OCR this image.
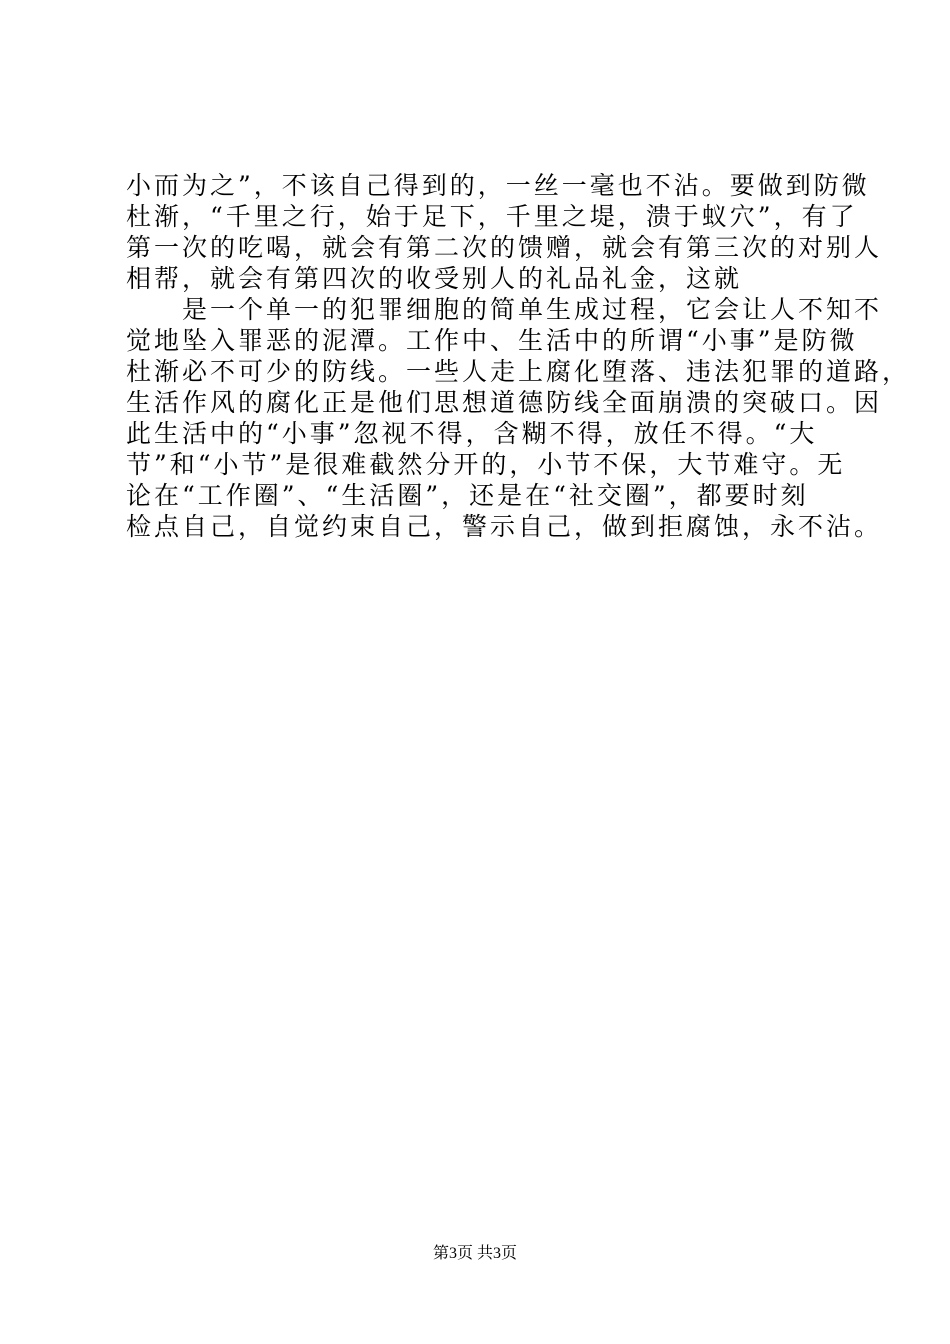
小而为之”，不该自己得到的，一丝一毫也不沾。要做到防微
杜渐，“千里之行，始于足下，千里之堤，溃于蚁穴”，有了
第一次的吃喝，就会有第二次的馈赠，就会有第三次的对别人
相帮，就会有第四次的收受别人的礼品礼金，这就
是一个单一的犯罪细胞的简单生成过程，它会让人不知不
觉地坠入罪恶的泥潭。工作中、生活中的所谓“小事”是防微
杜渐必不可少的防线。一些人走上腐化堕落、违法犯罪的道路，
生活作风的腐化正是他们思想道德防线全面崩溃的突破口。因
此生活中的“小事”忽视不得，含糊不得，放任不得。“大
节”和“小节”是很难截然分开的，小节不保，大节难守。无
论在“工作圈”、“生活圈”，还是在“社交圈”，都要时刻
检点自己，自觉约束自己，警示自己，做到拒腐蚀，永不沾。
第3页 共3页
